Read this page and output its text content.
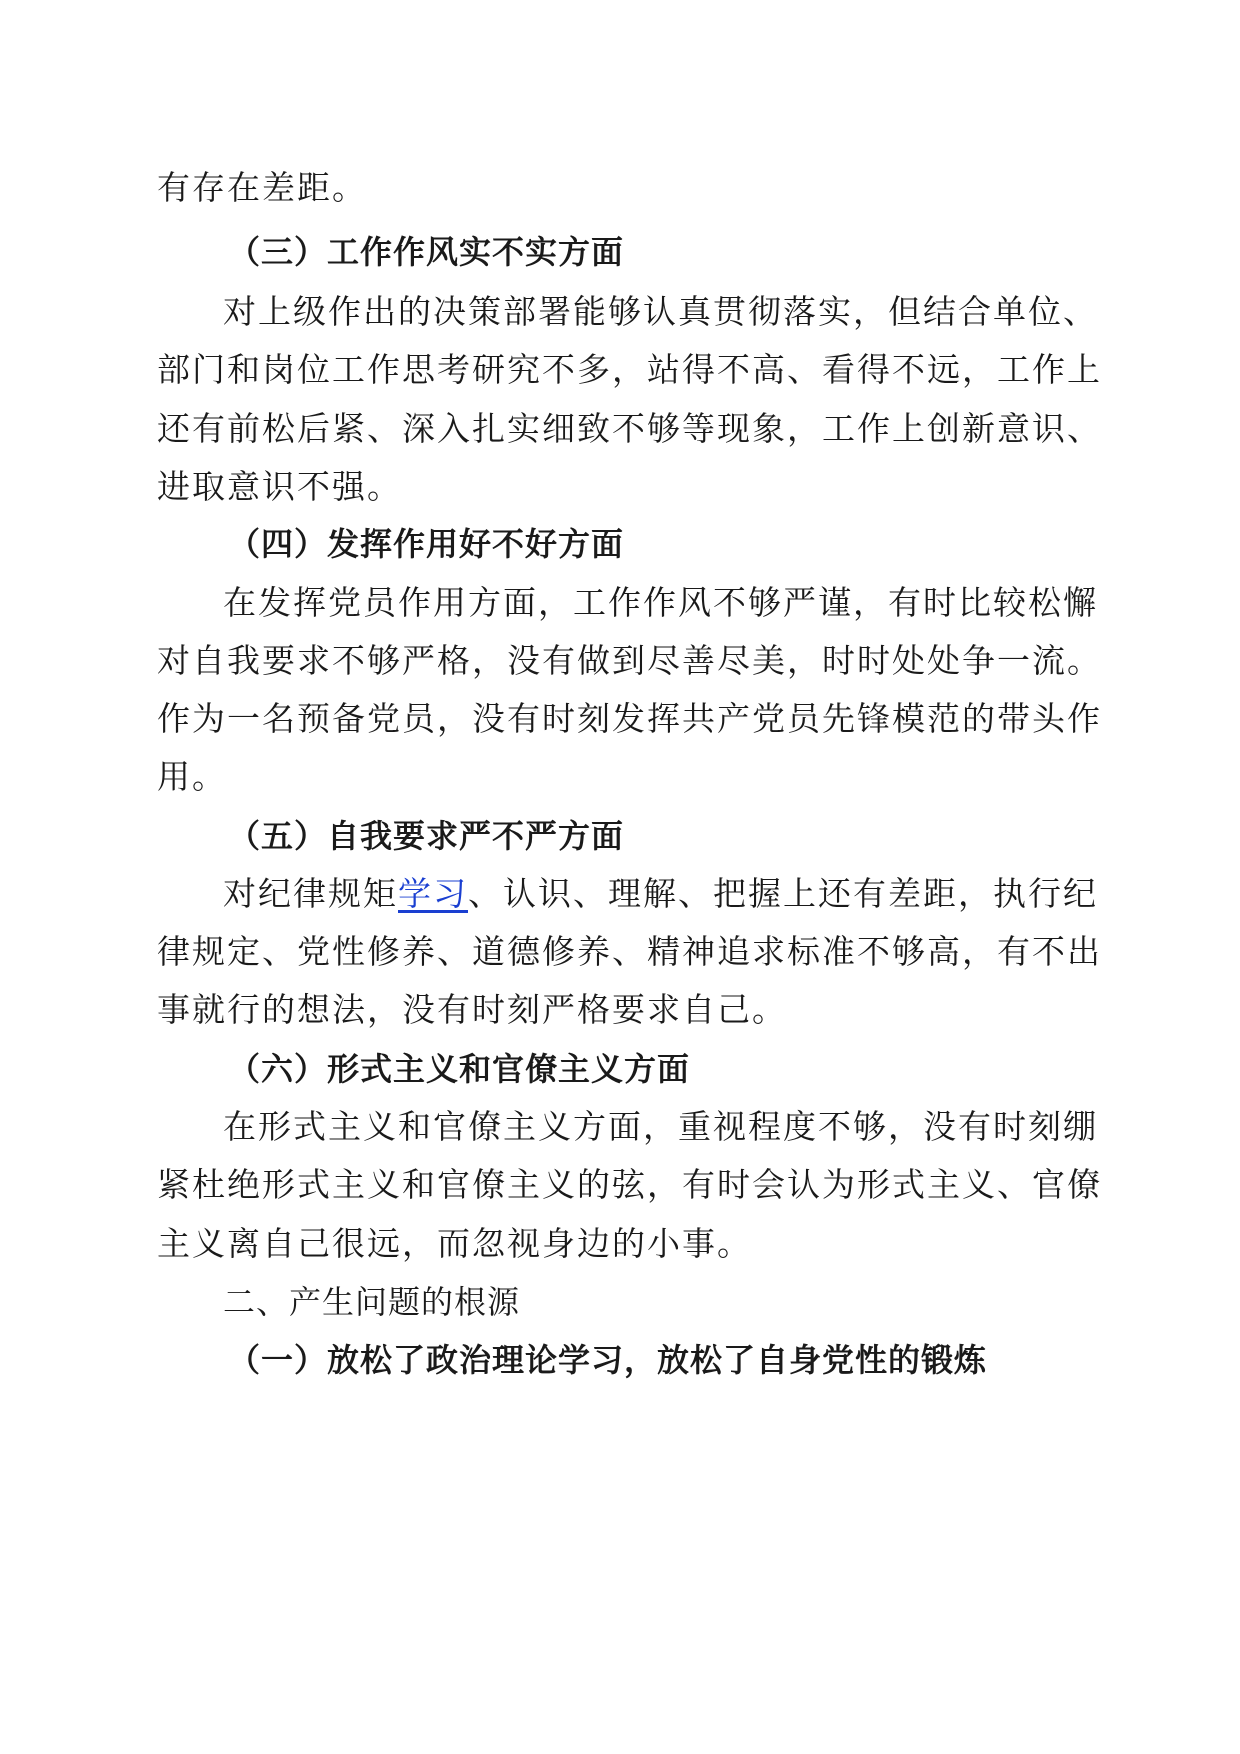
有存在差距。
（三）工作作风实不实方面
对上级作出的决策部署能够认真贯彻落实，但结合单位、
部门和岗位工作思考研究不多，站得不高、看得不远，工作上
还有前松后紧、深入扎实细致不够等现象，工作上创新意识、
进取意识不强。
（四）发挥作用好不好方面
在发挥党员作用方面，工作作风不够严谨，有时比较松懈
对自我要求不够严格，没有做到尽善尽美，时时处处争一流。
作为一名预备党员，没有时刻发挥共产党员先锋模范的带头作
用。
（五）自我要求严不严方面
对纪律规矩学习、认识、理解、把握上还有差距，执行纪
律规定、党性修养、道德修养、精神追求标准不够高，有不出
事就行的想法，没有时刻严格要求自己。
（六）形式主义和官僚主义方面
在形式主义和官僚主义方面，重视程度不够，没有时刻绷
紧杜绝形式主义和官僚主义的弦，有时会认为形式主义、官僚
主义离自己很远，而忽视身边的小事。
二、产生问题的根源
（一）放松了政治理论学习，放松了自身党性的锻炼
